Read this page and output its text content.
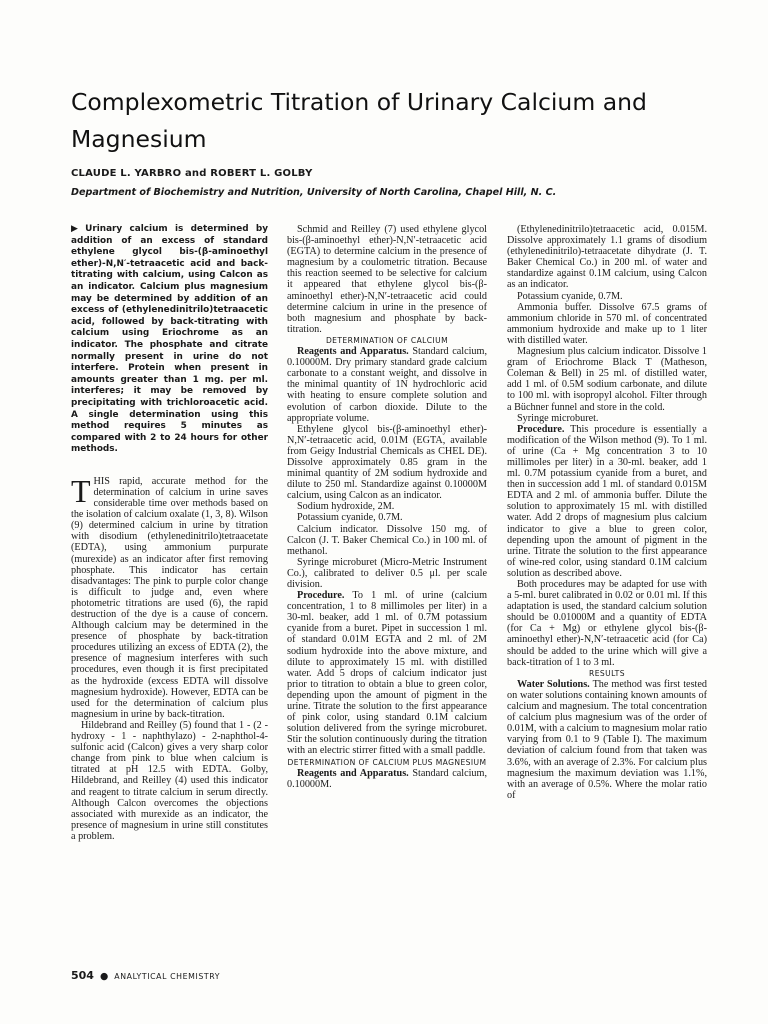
Complexometric Titration of Urinary Calcium and Magnesium
CLAUDE L. YARBRO and ROBERT L. GOLBY
Department of Biochemistry and Nutrition, University of North Carolina, Chapel Hill, N. C.
▶ Urinary calcium is determined by addition of an excess of standard ethylene glycol bis-(β-aminoethyl ether)-N,N′-tetraacetic acid and back-titrating with calcium, using Calcon as an indicator. Calcium plus magnesium may be determined by addition of an excess of (ethylenedinitrilo)tetraacetic acid, followed by back-titrating with calcium using Eriochrome as an indicator. The phosphate and citrate normally present in urine do not interfere. Protein when present in amounts greater than 1 mg. per ml. interferes; it may be removed by precipitating with trichloroacetic acid. A single determination using this method requires 5 minutes as compared with 2 to 24 hours for other methods.

THIS rapid, accurate method for the determination of calcium in urine saves considerable time over methods based on the isolation of calcium oxalate (1, 3, 8). Wilson (9) determined calcium in urine by titration with disodium (ethylenedinitrilo)tetraacetate (EDTA), using ammonium purpurate (murexide) as an indicator after first removing phosphate. This indicator has certain disadvantages: The pink to purple color change is difficult to judge and, even where photometric titrations are used (6), the rapid destruction of the dye is a cause of concern. Although calcium may be determined in the presence of phosphate by back-titration procedures utilizing an excess of EDTA (2), the presence of magnesium interferes with such procedures, even though it is first precipitated as the hydroxide (excess EDTA will dissolve magnesium hydroxide). However, EDTA can be used for the determination of calcium plus magnesium in urine by back-titration.

Hildebrand and Reilley (5) found that 1 - (2 - hydroxy - 1 - naphthylazo) - 2-naphthol-4-sulfonic acid (Calcon) gives a very sharp color change from pink to blue when calcium is titrated at pH 12.5 with EDTA. Golby, Hildebrand, and Reilley (4) used this indicator and reagent to titrate calcium in serum directly. Although Calcon overcomes the objections associated with murexide as an indicator, the presence of magnesium in urine still constitutes a problem.

Schmid and Reilley (7) used ethylene glycol bis-(β-aminoethyl ether)-N,N′-tetraacetic acid (EGTA) to determine calcium in the presence of magnesium by a coulometric titration. Because this reaction seemed to be selective for calcium it appeared that ethylene glycol bis-(β-aminoethyl ether)-N,N′-tetraacetic acid could determine calcium in urine in the presence of both magnesium and phosphate by back-titration.

DETERMINATION OF CALCIUM

Reagents and Apparatus. Standard calcium, 0.10000M. Dry primary standard grade calcium carbonate to a constant weight, and dissolve in the minimal quantity of 1N hydrochloric acid with heating to ensure complete solution and evolution of carbon dioxide. Dilute to the appropriate volume.

Ethylene glycol bis-(β-aminoethyl ether)-N,N′-tetraacetic acid, 0.01M (EGTA, available from Geigy Industrial Chemicals as CHEL DE). Dissolve approximately 0.85 gram in the minimal quantity of 2M sodium hydroxide and dilute to 250 ml. Standardize against 0.10000M calcium, using Calcon as an indicator.

Sodium hydroxide, 2M.

Potassium cyanide, 0.7M.

Calcium indicator. Dissolve 150 mg. of Calcon (J. T. Baker Chemical Co.) in 100 ml. of methanol.

Syringe microburet (Micro-Metric Instrument Co.), calibrated to deliver 0.5 μl. per scale division.

Procedure. To 1 ml. of urine (calcium concentration, 1 to 8 millimoles per liter) in a 30-ml. beaker, add 1 ml. of 0.7M potassium cyanide from a buret. Pipet in succession 1 ml. of standard 0.01M EGTA and 2 ml. of 2M sodium hydroxide into the above mixture, and dilute to approximately 15 ml. with distilled water. Add 5 drops of calcium indicator just prior to titration to obtain a blue to green color, depending upon the amount of pigment in the urine. Titrate the solution to the first appearance of pink color, using standard 0.1M calcium solution delivered from the syringe microburet. Stir the solution continuously during the titration with an electric stirrer fitted with a small paddle.

DETERMINATION OF CALCIUM PLUS MAGNESIUM

Reagents and Apparatus. Standard calcium, 0.10000M.

(Ethylenedinitrilo)tetraacetic acid, 0.015M. Dissolve approximately 1.1 grams of disodium (ethylenedinitrilo)-tetraacetate dihydrate (J. T. Baker Chemical Co.) in 200 ml. of water and standardize against 0.1M calcium, using Calcon as an indicator.

Potassium cyanide, 0.7M.

Ammonia buffer. Dissolve 67.5 grams of ammonium chloride in 570 ml. of concentrated ammonium hydroxide and make up to 1 liter with distilled water.

Magnesium plus calcium indicator. Dissolve 1 gram of Eriochrome Black T (Matheson, Coleman & Bell) in 25 ml. of distilled water, add 1 ml. of 0.5M sodium carbonate, and dilute to 100 ml. with isopropyl alcohol. Filter through a Büchner funnel and store in the cold.

Syringe microburet.

Procedure. This procedure is essentially a modification of the Wilson method (9). To 1 ml. of urine (Ca + Mg concentration 3 to 10 millimoles per liter) in a 30-ml. beaker, add 1 ml. 0.7M potassium cyanide from a buret, and then in succession add 1 ml. of standard 0.015M EDTA and 2 ml. of ammonia buffer. Dilute the solution to approximately 15 ml. with distilled water. Add 2 drops of magnesium plus calcium indicator to give a blue to green color, depending upon the amount of pigment in the urine. Titrate the solution to the first appearance of wine-red color, using standard 0.1M calcium solution as described above.

Both procedures may be adapted for use with a 5-ml. buret calibrated in 0.02 or 0.01 ml. If this adaptation is used, the standard calcium solution should be 0.01000M and a quantity of EDTA (for Ca + Mg) or ethylene glycol bis-(β-aminoethyl ether)-N,N′-tetraacetic acid (for Ca) should be added to the urine which will give a back-titration of 1 to 3 ml.

RESULTS

Water Solutions. The method was first tested on water solutions containing known amounts of calcium and magnesium. The total concentration of calcium plus magnesium was of the order of 0.01M, with a calcium to magnesium molar ratio varying from 0.1 to 9 (Table I). The maximum deviation of calcium found from that taken was 3.6%, with an average of 2.3%. For calcium plus magnesium the maximum deviation was 1.1%, with an average of 0.5%. Where the molar ratio of

504 ● ANALYTICAL CHEMISTRY
